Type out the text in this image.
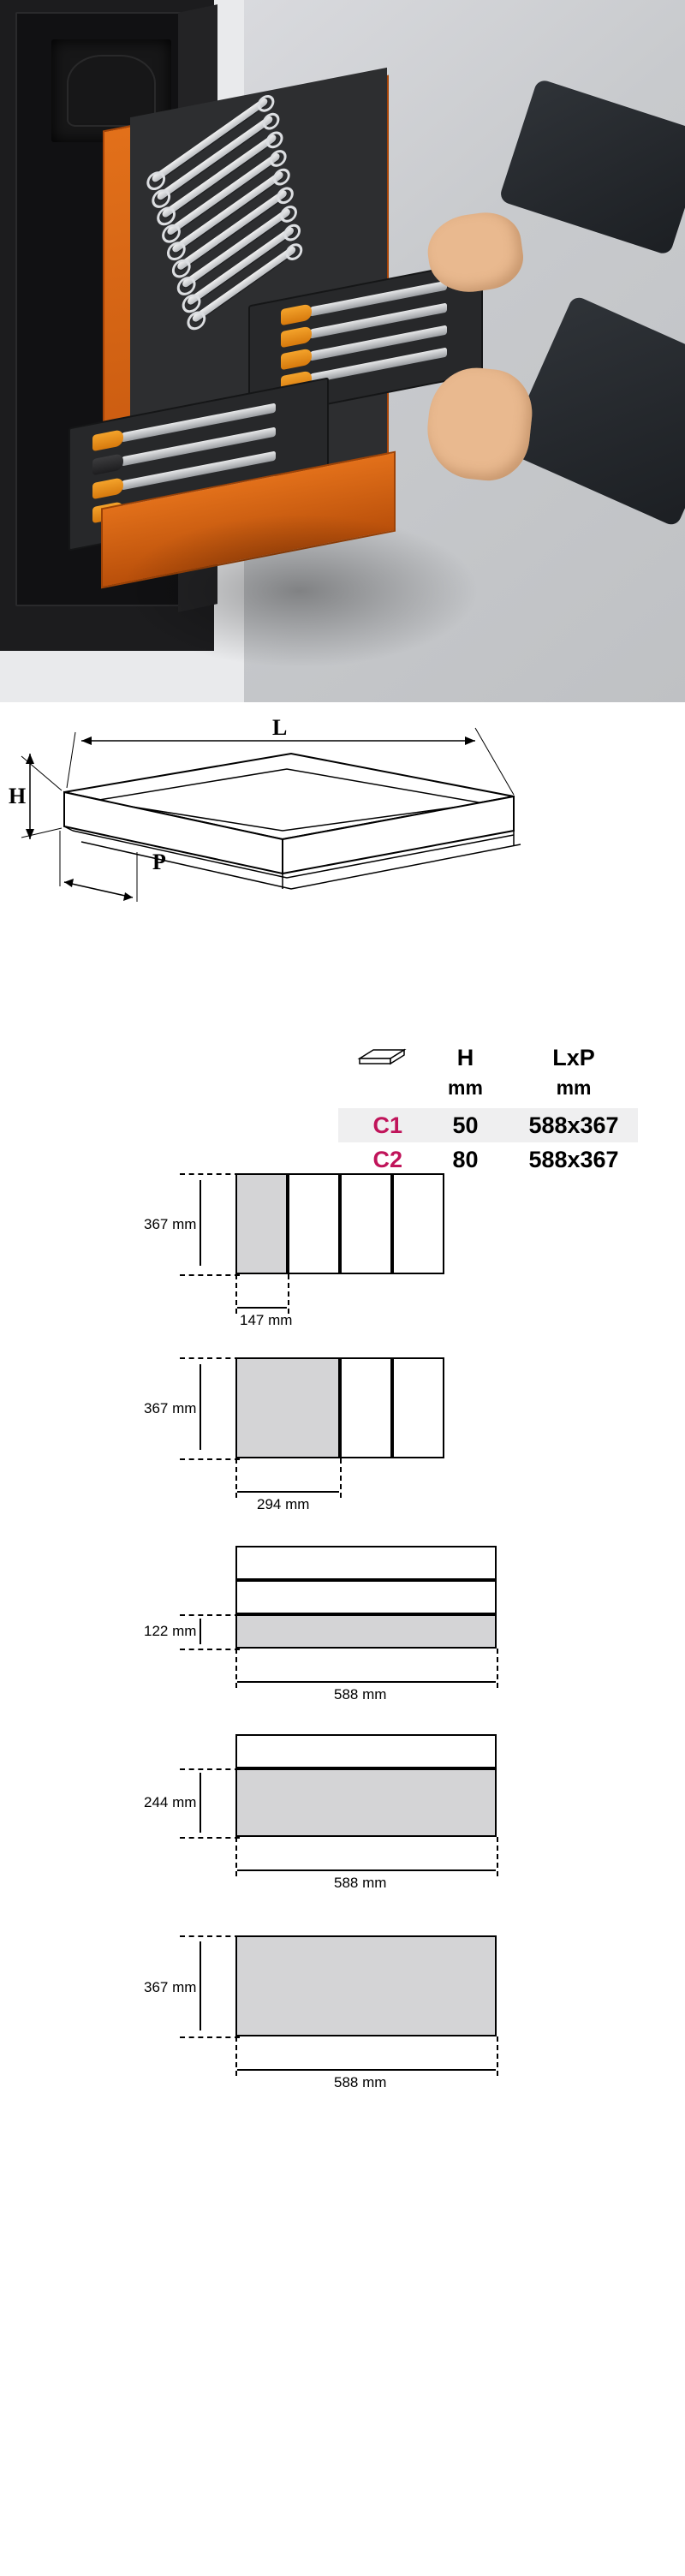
L
H
P
H	LxP
mm	mm
C1	50	588x367
C2	80	588x367
367 mm
147 mm
367 mm
294 mm
122 mm
588 mm
244 mm
588 mm
367 mm
588 mm
